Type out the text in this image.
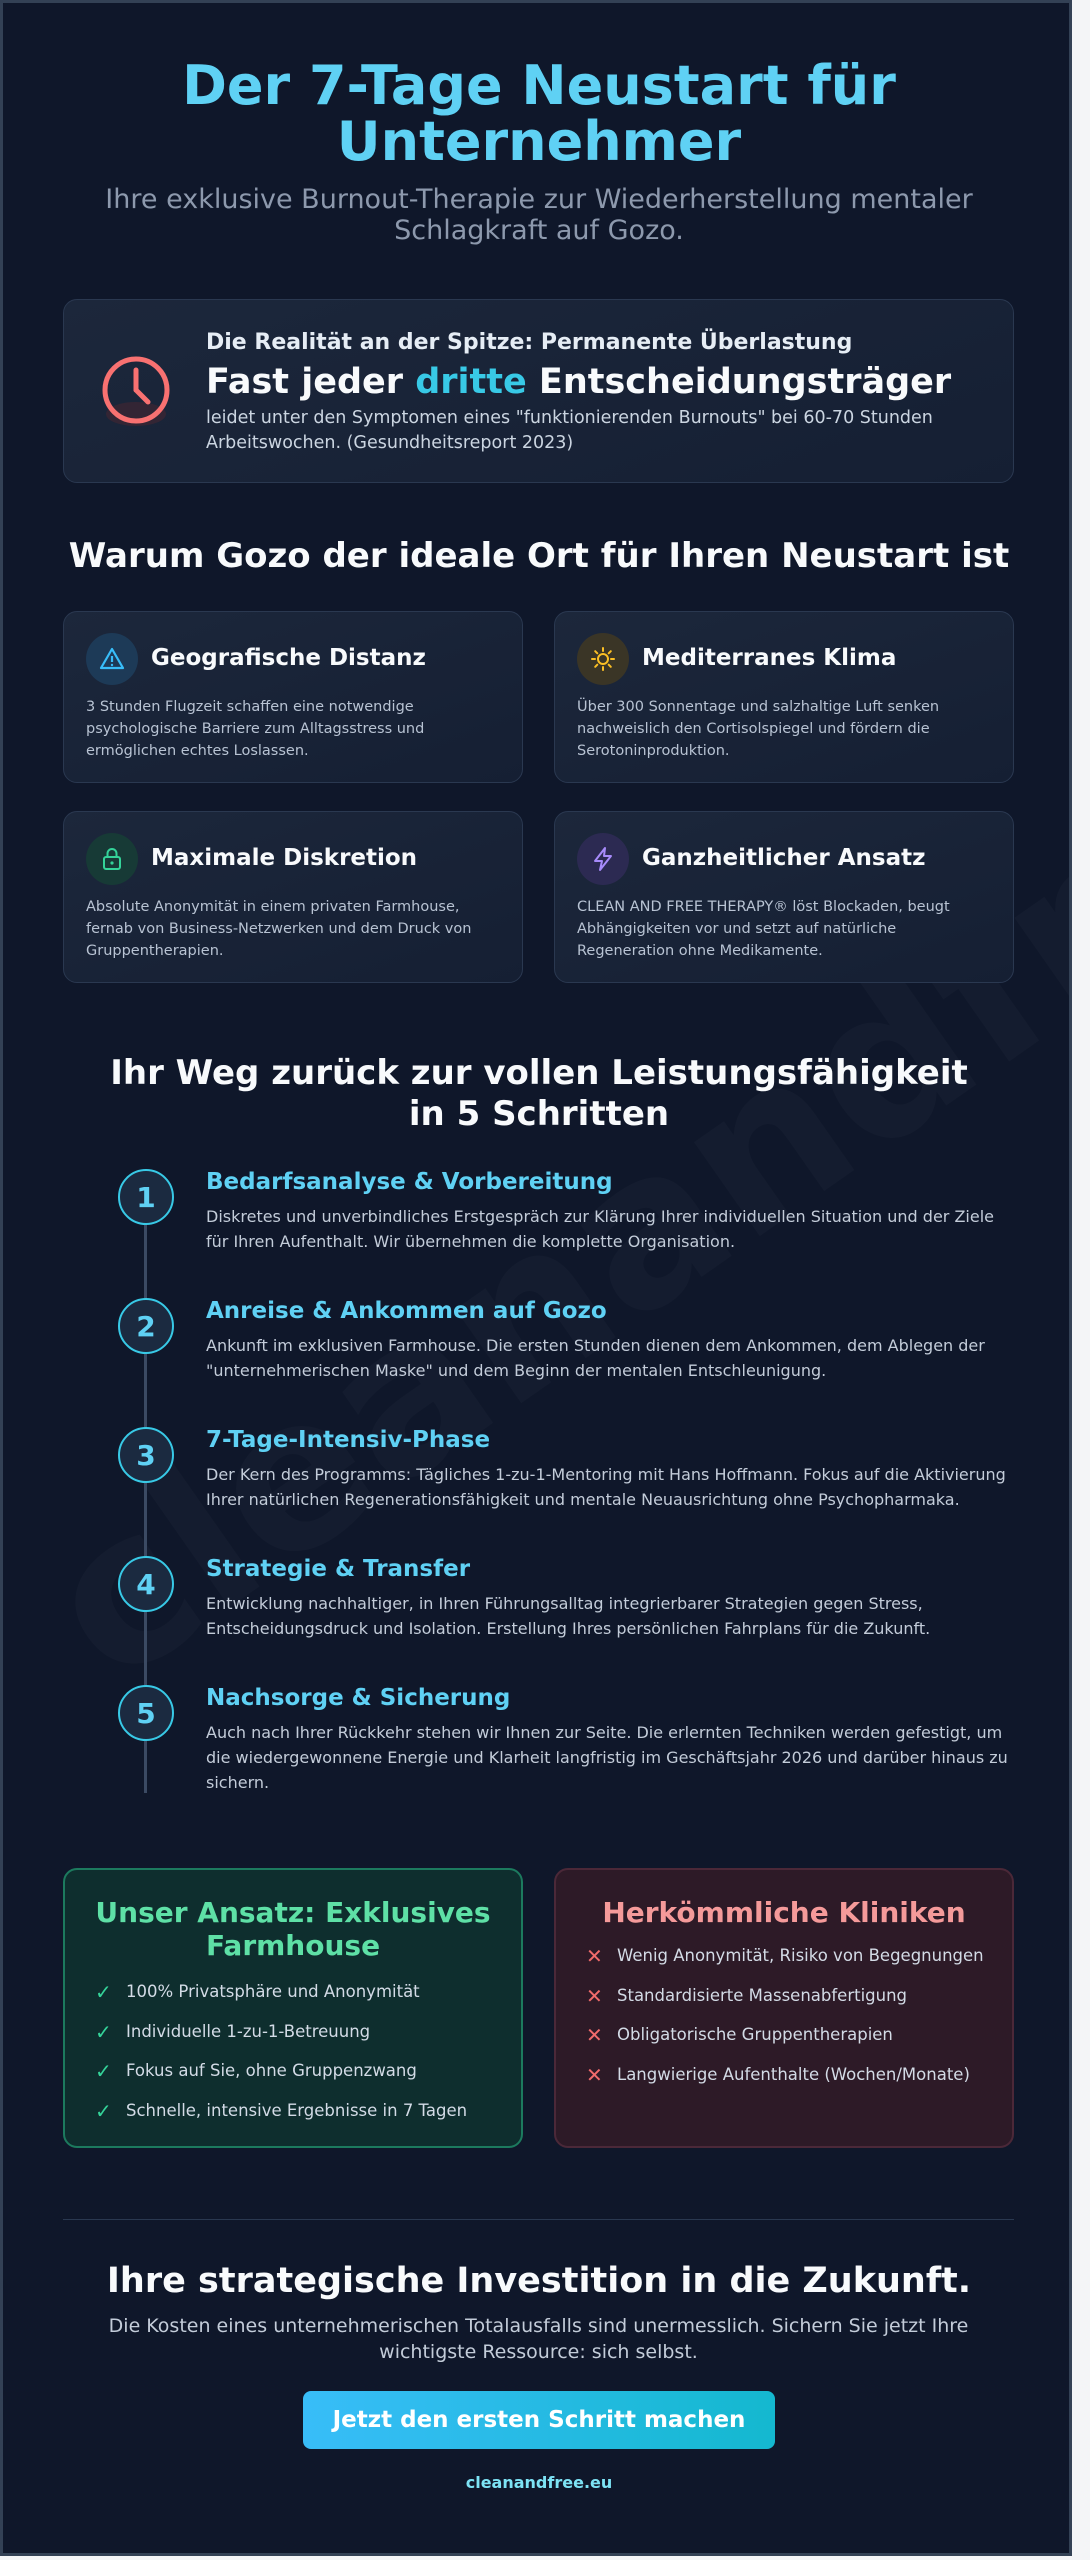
Der 7-Tage Neustart für Unternehmer

Ihre exklusive Burnout-Therapie zur Wiederherstellung mentaler Schlagkraft auf Gozo.

Die Realität an der Spitze: Permanente Überlastung
Fast jeder dritte Entscheidungsträger
leidet unter den Symptomen eines "funktionierenden Burnouts" bei 60-70 Stunden Arbeitswochen. (Gesundheitsreport 2023)
Warum Gozo der ideale Ort für Ihren Neustart ist
Geografische Distanz
3 Stunden Flugzeit schaffen eine notwendige psychologische Barriere zum Alltagsstress und ermöglichen echtes Loslassen.
Mediterranes Klima
Über 300 Sonnentage und salzhaltige Luft senken nachweislich den Cortisolspiegel und fördern die Serotoninproduktion.
Maximale Diskretion
Absolute Anonymität in einem privaten Farmhouse, fernab von Business-Netzwerken und dem Druck von Gruppentherapien.
Ganzheitlicher Ansatz
CLEAN AND FREE THERAPY® löst Blockaden, beugt Abhängigkeiten vor und setzt auf natürliche Regeneration ohne Medikamente.
Ihr Weg zurück zur vollen Leistungsfähigkeit in 5 Schritten
1	Bedarfsanalyse & Vorbereitung
Diskretes und unverbindliches Erstgespräch zur Klärung Ihrer individuellen Situation und der Ziele für Ihren Aufenthalt. Wir übernehmen die komplette Organisation.
2	Anreise & Ankommen auf Gozo
Ankunft im exklusiven Farmhouse. Die ersten Stunden dienen dem Ankommen, dem Ablegen der "unternehmerischen Maske" und dem Beginn der mentalen Entschleunigung.
3	7-Tage-Intensiv-Phase
Der Kern des Programms: Tägliches 1-zu-1-Mentoring mit Hans Hoffmann. Fokus auf die Aktivierung Ihrer natürlichen Regenerationsfähigkeit und mentale Neuausrichtung ohne Psychopharmaka.
4	Strategie & Transfer
Entwicklung nachhaltiger, in Ihren Führungsalltag integrierbarer Strategien gegen Stress, Entscheidungsdruck und Isolation. Erstellung Ihres persönlichen Fahrplans für die Zukunft.
5	Nachsorge & Sicherung
Auch nach Ihrer Rückkehr stehen wir Ihnen zur Seite. Die erlernten Techniken werden gefestigt, um die wiedergewonnene Energie und Klarheit langfristig im Geschäftsjahr 2026 und darüber hinaus zu sichern.
Unser Ansatz: Exklusives Farmhouse
✓ 100% Privatsphäre und Anonymität
✓ Individuelle 1-zu-1-Betreuung
✓ Fokus auf Sie, ohne Gruppenzwang
✓ Schnelle, intensive Ergebnisse in 7 Tagen
Herkömmliche Kliniken
✕ Wenig Anonymität, Risiko von Begegnungen
✕ Standardisierte Massenabfertigung
✕ Obligatorische Gruppentherapien
✕ Langwierige Aufenthalte (Wochen/Monate)
Ihre strategische Investition in die Zukunft.

Die Kosten eines unternehmerischen Totalausfalls sind unermesslich. Sichern Sie jetzt Ihre wichtigste Ressource: sich selbst.

Jetzt den ersten Schritt machen
cleanandfree.eu
